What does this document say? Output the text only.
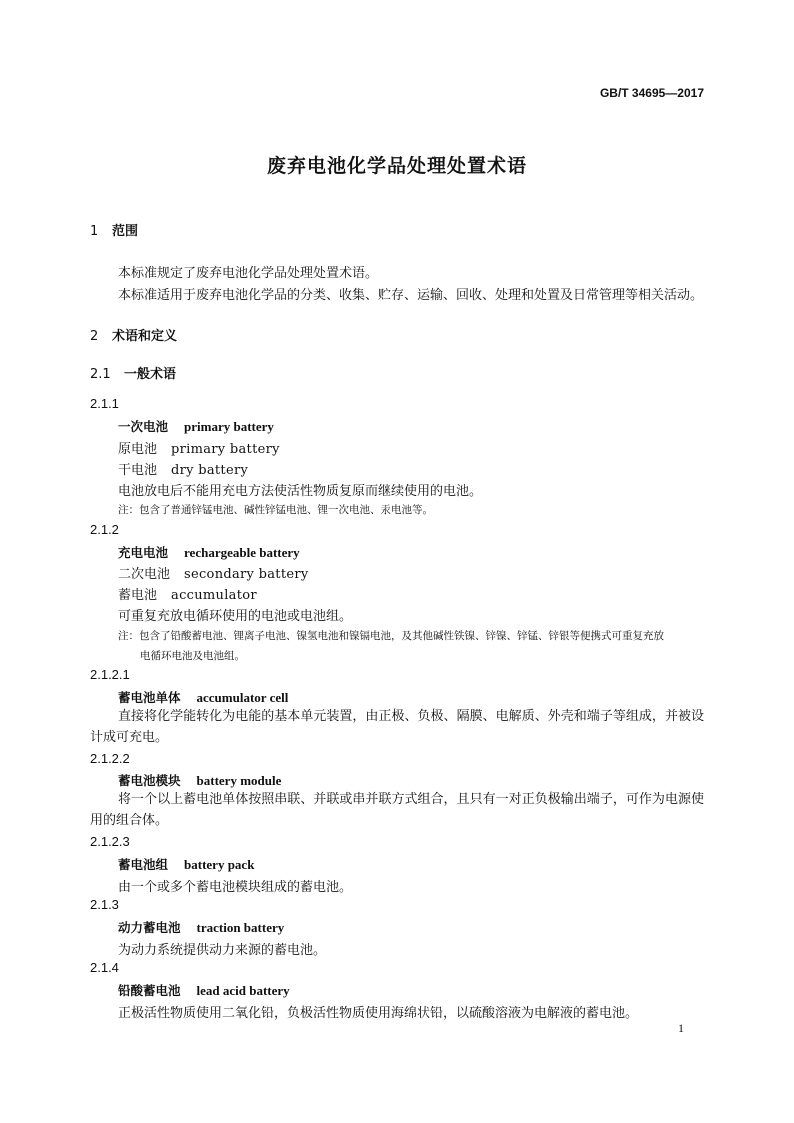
GB/T 34695—2017
废弃电池化学品处理处置术语
1 范围
本标准规定了废弃电池化学品处理处置术语。
本标准适用于废弃电池化学品的分类、收集、贮存、运输、回收、处理和处置及日常管理等相关活动。
2 术语和定义
2.1 一般术语
2.1.1
一次电池 primary battery
原电池 primary battery
干电池 dry battery
电池放电后不能用充电方法使活性物质复原而继续使用的电池。
注：包含了普通锌锰电池、碱性锌锰电池、锂一次电池、汞电池等。
2.1.2
充电电池 rechargeable battery
二次电池 secondary battery
蓄电池 accumulator
可重复充放电循环使用的电池或电池组。
注：包含了铅酸蓄电池、锂离子电池、镍氢电池和镍镉电池，及其他碱性铁镍、锌镍、锌锰、锌银等便携式可重复充放
电循环电池及电池组。
2.1.2.1
蓄电池单体 accumulator cell
直接将化学能转化为电能的基本单元装置，由正极、负极、隔膜、电解质、外壳和端子等组成，并被设计成可充电。
2.1.2.2
蓄电池模块 battery module
将一个以上蓄电池单体按照串联、并联或串并联方式组合，且只有一对正负极输出端子，可作为电源使用的组合体。
2.1.2.3
蓄电池组 battery pack
由一个或多个蓄电池模块组成的蓄电池。
2.1.3
动力蓄电池 traction battery
为动力系统提供动力来源的蓄电池。
2.1.4
铅酸蓄电池 lead acid battery
正极活性物质使用二氧化铅，负极活性物质使用海绵状铅，以硫酸溶液为电解液的蓄电池。
1
